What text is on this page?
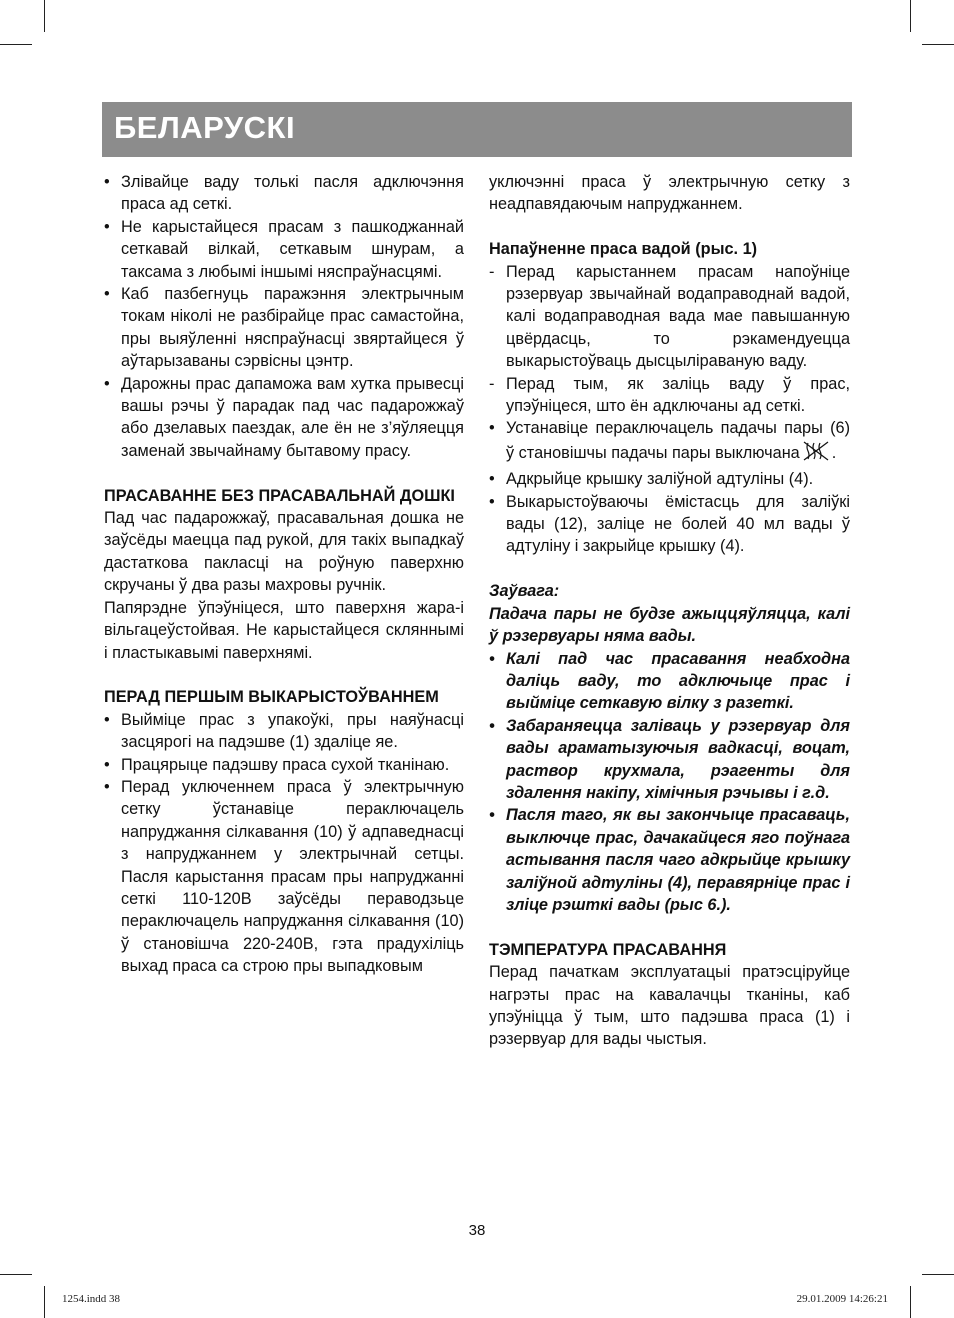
БЕЛАРУСКІ
• Злівайце ваду толькі пасля адключэння праса ад сеткі.
• Не карыстайцеся прасам з пашкоджаннай сеткавай вілкай, сеткавым шнурам, а таксама з любымі іншымі няспраўнасцямі.
• Каб пазбегнуць паражэння электрычным токам ніколі не разбірайце прас самастойна, пры выяўленні няспраўнасці звяртайцеся ў аўтарызаваны сэрвісны цэнтр.
• Дарожны прас дапаможа вам хутка прывесці вашы рэчы ў парадак пад час падарожжаў або дзелавых паездак, але ён не з’яўляецця заменай звычайнаму бытавому прасу.
ПРАСАВАННЕ БЕЗ ПРАСАВАЛЬНАЙ ДОШКІ
Пад час падарожжаў, прасавальная дошка не заўсёды маецца пад рукой, для такіх выпадкаў дастаткова пакласці на роўную паверхню скручаны ў два разы махровы ручнік.
Папярэдне ўпэўніцеся, што паверхня жара-і вільгацеўстойвая. Не карыстайцеся скляннымі і пластыкавымі паверхнямі.
ПЕРАД ПЕРШЫМ ВЫКАРЫСТОЎВАННЕМ
• Выйміце прас з упакоўкі, пры наяўнасці засцярогі на падэшве (1) здаліце яе.
• Працярыце падэшву праса сухой тканінаю.
• Перад уключеннем праса ў электрычную сетку ўстанавіце пераключацель напруджання сілкавання (10) ў адпаведнасці з напруджаннем у электрычнай сетцы. Пасля карыстання прасам пры напруджанні сеткі 110-120В заўсёды пераводзьце пераключацель напруджання сілкавання (10) ў становішча 220-240В, гэта прадухіліць выхад праса са строю пры выпадковым
уключэнні праса ў электрычную сетку з неадпавядаючым напруджаннем.
Напаўненне праса вадой (рыс. 1)
- Перад карыстаннем прасам напоўніце рэзервуар звычайнай водаправоднай вадой, калі водаправодная вада мае павышанную цвёрдасць, то рэкамендуецца выкарыстоўваць дысцыліраваную ваду.
- Перад тым, як заліць ваду ў прас, упэўніцеся, што ён адключаны ад сеткі.
• Устанавіце пераключацель падачы пары (6) ў становішчы падачы пары выключана .
• Адкрыйце крышку заліўной адтуліны (4).
• Выкарыстоўваючы ёмістасць для заліўкі вады (12), заліце не болей 40 мл вады ў адтуліну і закрыйце крышку (4).
Заўвага:
Падача пары не будзе ажыццяўляцца, калі ў рэзервуары няма вады.
• Калі пад час прасавання неабходна даліць ваду, то адключыце прас і выйміце сеткавую вілку з разеткі.
• Забараняецца заліваць у рэзервуар для вады араматызуючыя вадкасці, воцат, раствор крухмала, рэагенты для здалення накіпу, хімічныя рэчывы і г.д.
• Пасля таго, як вы закончыце прасаваць, выключце прас, дачакайцеся яго поўнага астывання пасля чаго адкрыйце крышку заліўной адтуліны (4), перавярніце прас і зліце рэшткі вады (рыс 6.).
ТЭМПЕРАТУРА ПРАСАВАННЯ
Перад пачаткам эксплуатацыі пратэсціруйце нагрэты прас на кавалачцы тканіны, каб упэўніцца ў тым, што падэшва праса (1) і рэзервуар для вады чыстыя.
38
1254.indd 38	29.01.2009 14:26:21
